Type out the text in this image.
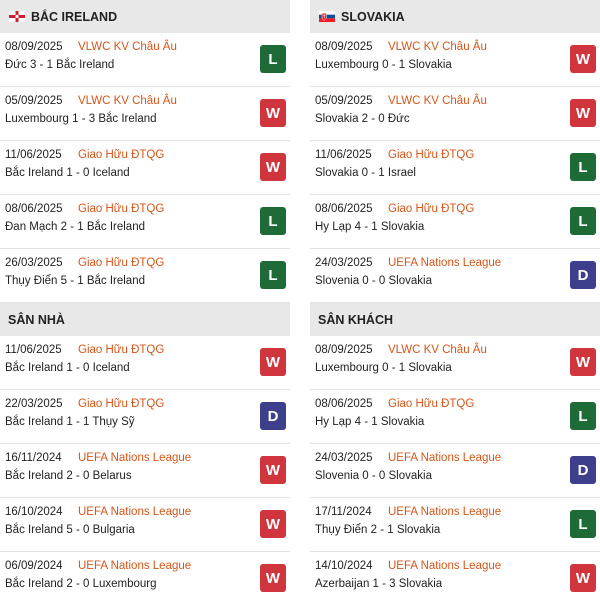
BẮC IRELAND
08/09/2025 VLWC KV Châu Âu
Đức 3 - 1 Bắc Ireland	L
05/09/2025 VLWC KV Châu Âu
Luxembourg 1 - 3 Bắc Ireland	W
11/06/2025 Giao Hữu ĐTQG
Bắc Ireland 1 - 0 Iceland	W
08/06/2025 Giao Hữu ĐTQG
Đan Mạch 2 - 1 Bắc Ireland	L
26/03/2025 Giao Hữu ĐTQG
Thụy Điển 5 - 1 Bắc Ireland	L
SÂN NHÀ
11/06/2025 Giao Hữu ĐTQG
Bắc Ireland 1 - 0 Iceland	W
22/03/2025 Giao Hữu ĐTQG
Bắc Ireland 1 - 1 Thụy Sỹ	D
16/11/2024 UEFA Nations League
Bắc Ireland 2 - 0 Belarus	W
16/10/2024 UEFA Nations League
Bắc Ireland 5 - 0 Bulgaria	W
06/09/2024 UEFA Nations League
Bắc Ireland 2 - 0 Luxembourg	W
SLOVAKIA
08/09/2025 VLWC KV Châu Âu
Luxembourg 0 - 1 Slovakia	W
05/09/2025 VLWC KV Châu Âu
Slovakia 2 - 0 Đức	W
11/06/2025 Giao Hữu ĐTQG
Slovakia 0 - 1 Israel	L
08/06/2025 Giao Hữu ĐTQG
Hy Lạp 4 - 1 Slovakia	L
24/03/2025 UEFA Nations League
Slovenia 0 - 0 Slovakia	D
SÂN KHÁCH
08/09/2025 VLWC KV Châu Âu
Luxembourg 0 - 1 Slovakia	W
08/06/2025 Giao Hữu ĐTQG
Hy Lạp 4 - 1 Slovakia	L
24/03/2025 UEFA Nations League
Slovenia 0 - 0 Slovakia	D
17/11/2024 UEFA Nations League
Thụy Điển 2 - 1 Slovakia	L
14/10/2024 UEFA Nations League
Azerbaijan 1 - 3 Slovakia	W
